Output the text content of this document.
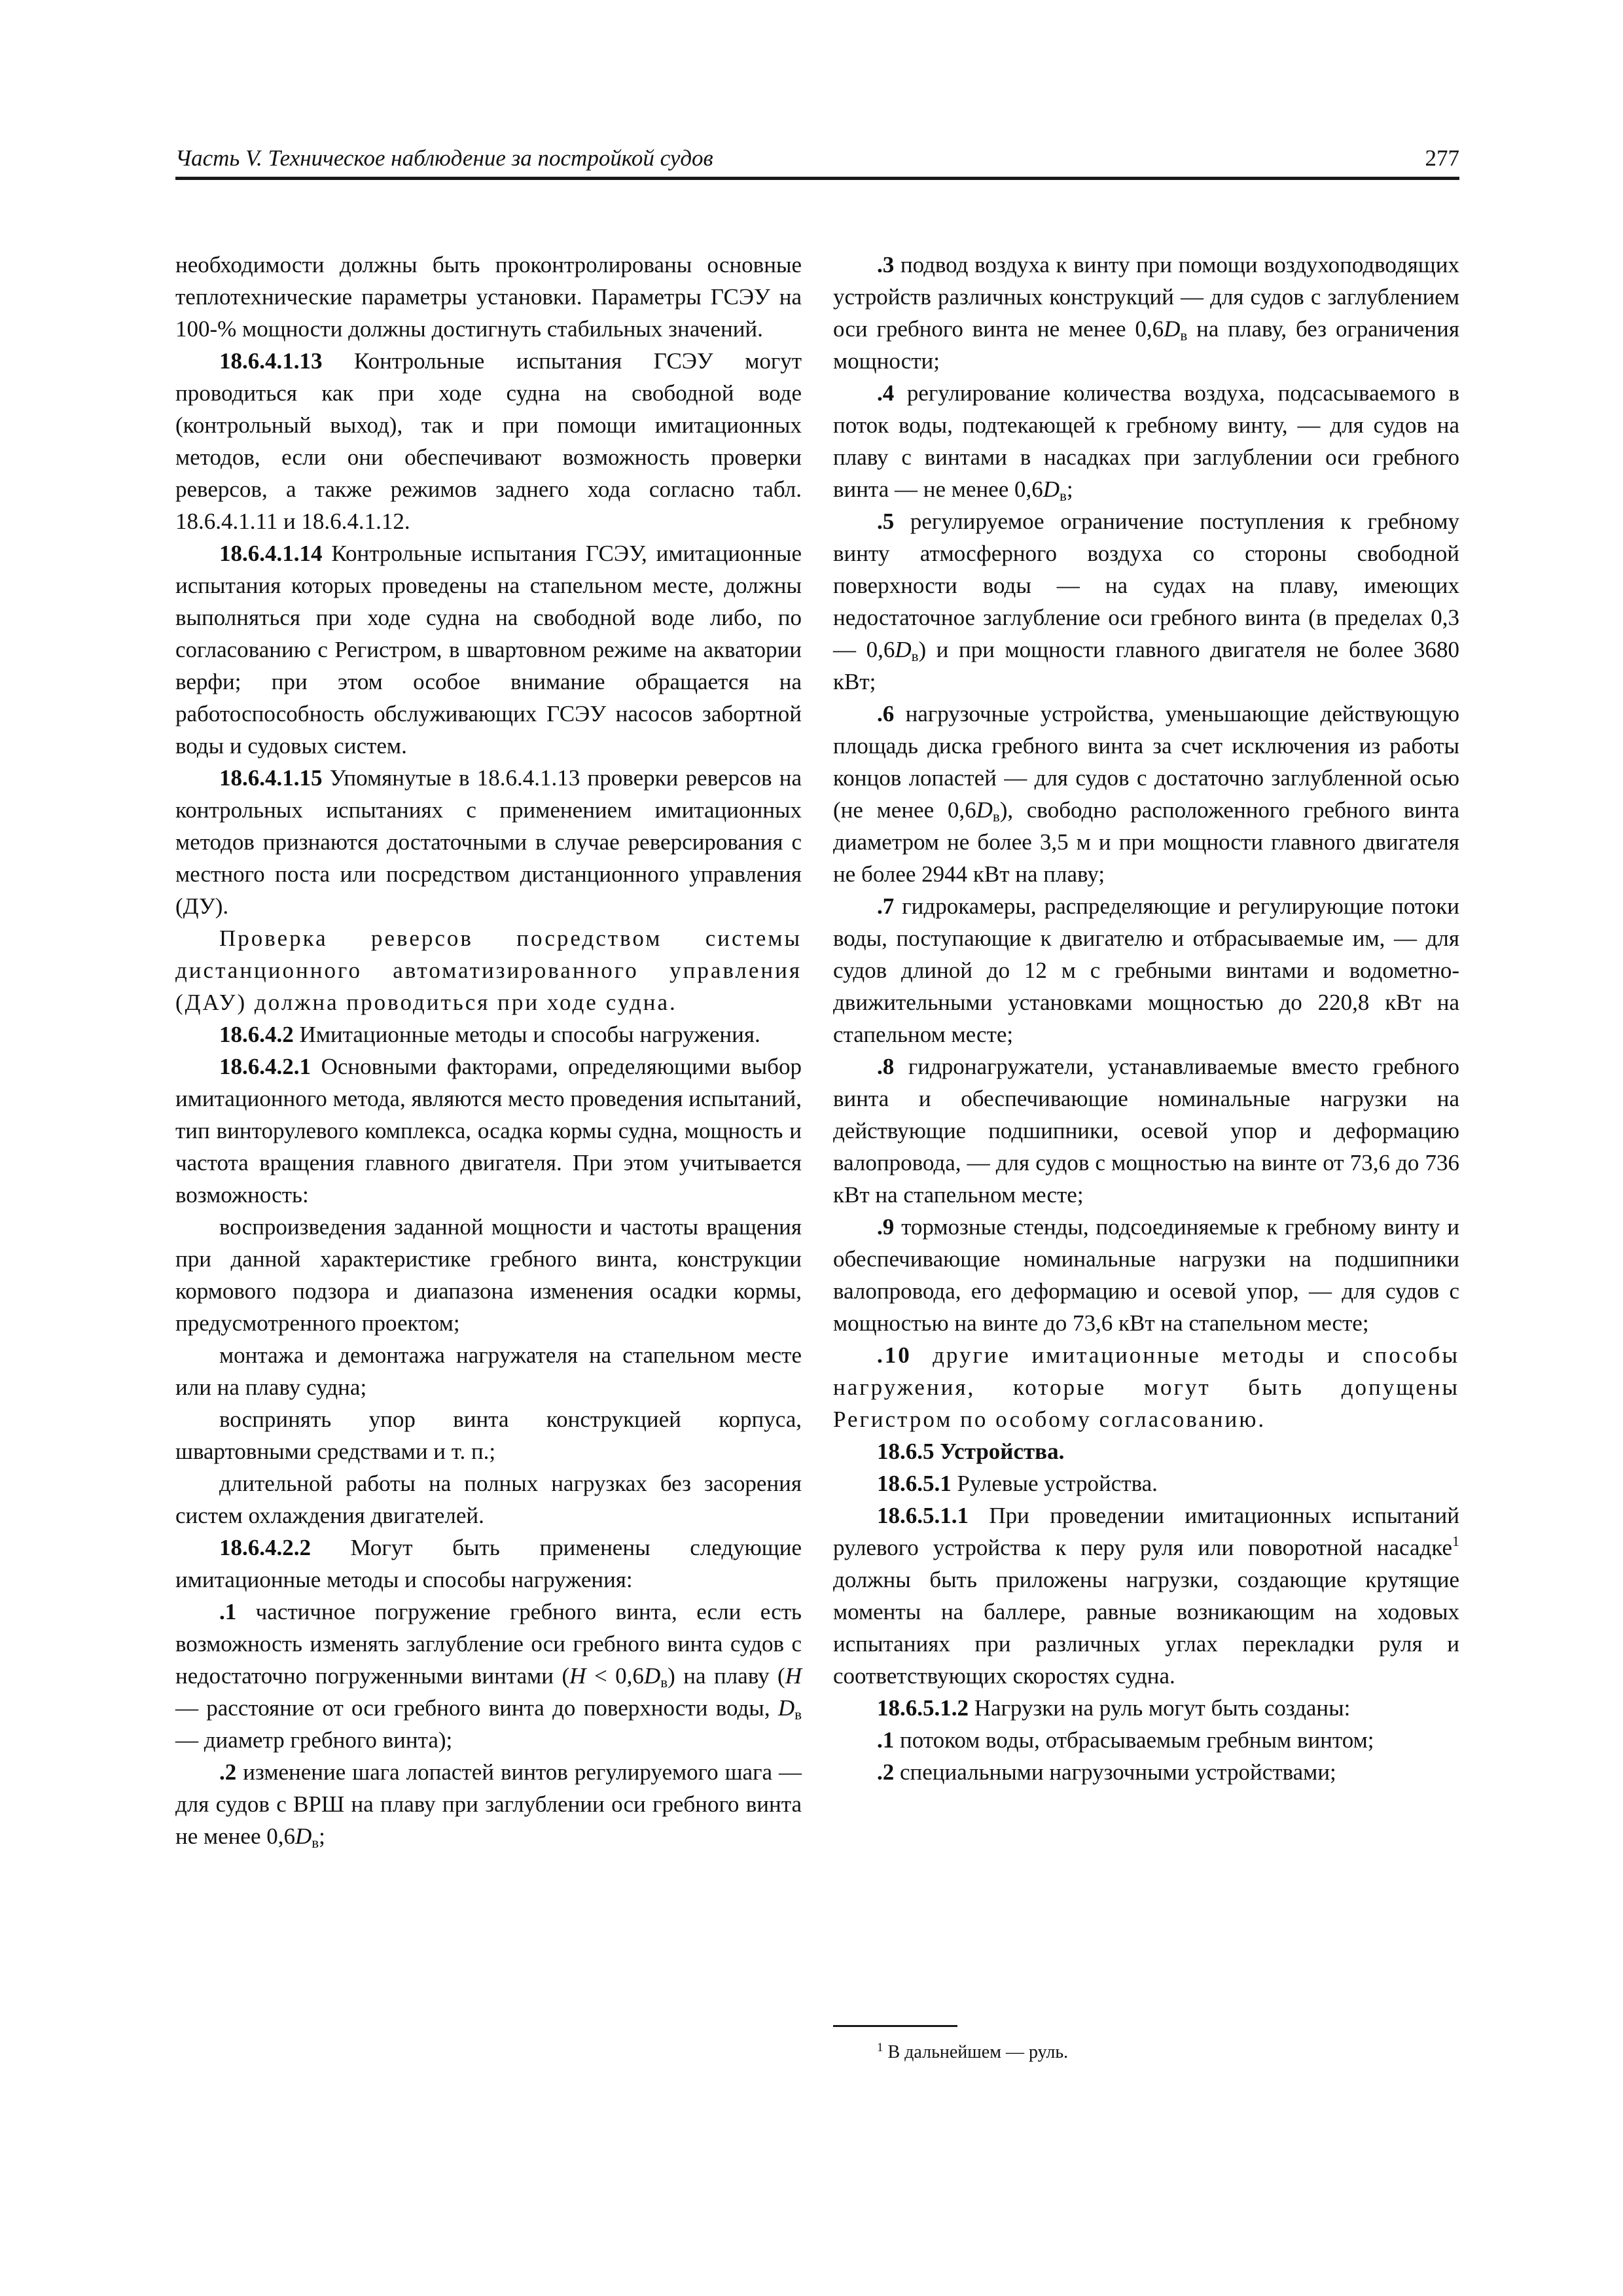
Часть V. Техническое наблюдение за постройкой судов	277

необходимости должны быть проконтролированы основные теплотехнические параметры установки. Параметры ГСЭУ на 100-% мощности должны достигнуть стабильных значений.

18.6.4.1.13 Контрольные испытания ГСЭУ могут проводиться как при ходе судна на свободной воде (контрольный выход), так и при помощи имитационных методов, если они обеспечивают возможность проверки реверсов, а также режимов заднего хода согласно табл. 18.6.4.1.11 и 18.6.4.1.12.

18.6.4.1.14 Контрольные испытания ГСЭУ, имитационные испытания которых проведены на стапельном месте, должны выполняться при ходе судна на свободной воде либо, по согласованию с Регистром, в швартовном режиме на акватории верфи; при этом особое внимание обращается на работоспособность обслуживающих ГСЭУ насосов забортной воды и судовых систем.

18.6.4.1.15 Упомянутые в 18.6.4.1.13 проверки реверсов на контрольных испытаниях с применением имитационных методов признаются достаточными в случае реверсирования с местного поста или посредством дистанционного управления (ДУ).

Проверка реверсов посредством системы дистанционного автоматизированного управления (ДАУ) должна проводиться при ходе судна.

18.6.4.2 Имитационные методы и способы нагружения.

18.6.4.2.1 Основными факторами, определяющими выбор имитационного метода, являются место проведения испытаний, тип винторулевого комплекса, осадка кормы судна, мощность и частота вращения главного двигателя. При этом учитывается возможность:

воспроизведения заданной мощности и частоты вращения при данной характеристике гребного винта, конструкции кормового подзора и диапазона изменения осадки кормы, предусмотренного проектом;

монтажа и демонтажа нагружателя на стапельном месте или на плаву судна;

воспринять упор винта конструкцией корпуса, швартовными средствами и т. п.;

длительной работы на полных нагрузках без засорения систем охлаждения двигателей.

18.6.4.2.2 Могут быть применены следующие имитационные методы и способы нагружения:

.1 частичное погружение гребного винта, если есть возможность изменять заглубление оси гребного винта судов с недостаточно погруженными винтами $(H < 0,6D_в)$ на плаву (H — расстояние от оси гребного винта до поверхности воды, $D_в$ — диаметр гребного винта);

.2 изменение шага лопастей винтов регулируемого шага — для судов с ВРШ на плаву при заглублении оси гребного винта не менее $0,6D_в$;

.3 подвод воздуха к винту при помощи воздухоподводящих устройств различных конструкций — для судов с заглублением оси гребного винта не менее $0,6D_в$ на плаву, без ограничения мощности;

.4 регулирование количества воздуха, подсасываемого в поток воды, подтекающей к гребному винту, — для судов на плаву с винтами в насадках при заглублении оси гребного винта — не менее $0,6D_в$;

.5 регулируемое ограничение поступления к гребному винту атмосферного воздуха со стороны свободной поверхности воды — на судах на плаву, имеющих недостаточное заглубление оси гребного винта (в пределах 0,3 — $0,6D_в$) и при мощности главного двигателя не более 3680 кВт;

.6 нагрузочные устройства, уменьшающие действующую площадь диска гребного винта за счет исключения из работы концов лопастей — для судов с достаточно заглубленной осью (не менее $0,6D_в$), свободно расположенного гребного винта диаметром не более 3,5 м и при мощности главного двигателя не более 2944 кВт на плаву;

.7 гидрокамеры, распределяющие и регулирующие потоки воды, поступающие к двигателю и отбрасываемые им, — для судов длиной до 12 м с гребными винтами и водометно-движительными установками мощностью до 220,8 кВт на стапельном месте;

.8 гидронагружатели, устанавливаемые вместо гребного винта и обеспечивающие номинальные нагрузки на действующие подшипники, осевой упор и деформацию валопровода, — для судов с мощностью на винте от 73,6 до 736 кВт на стапельном месте;

.9 тормозные стенды, подсоединяемые к гребному винту и обеспечивающие номинальные нагрузки на подшипники валопровода, его деформацию и осевой упор, — для судов с мощностью на винте до 73,6 кВт на стапельном месте;

.10 другие имитационные методы и способы нагружения, которые могут быть допущены Регистром по особому согласованию.

18.6.5 Устройства.

18.6.5.1 Рулевые устройства.

18.6.5.1.1 При проведении имитационных испытаний рулевого устройства к перу руля или поворотной насадке$^1$ должны быть приложены нагрузки, создающие крутящие моменты на баллере, равные возникающим на ходовых испытаниях при различных углах перекладки руля и соответствующих скоростях судна.

18.6.5.1.2 Нагрузки на руль могут быть созданы:

.1 потоком воды, отбрасываемым гребным винтом;

.2 специальными нагрузочными устройствами;

$^1$ В дальнейшем — руль.
